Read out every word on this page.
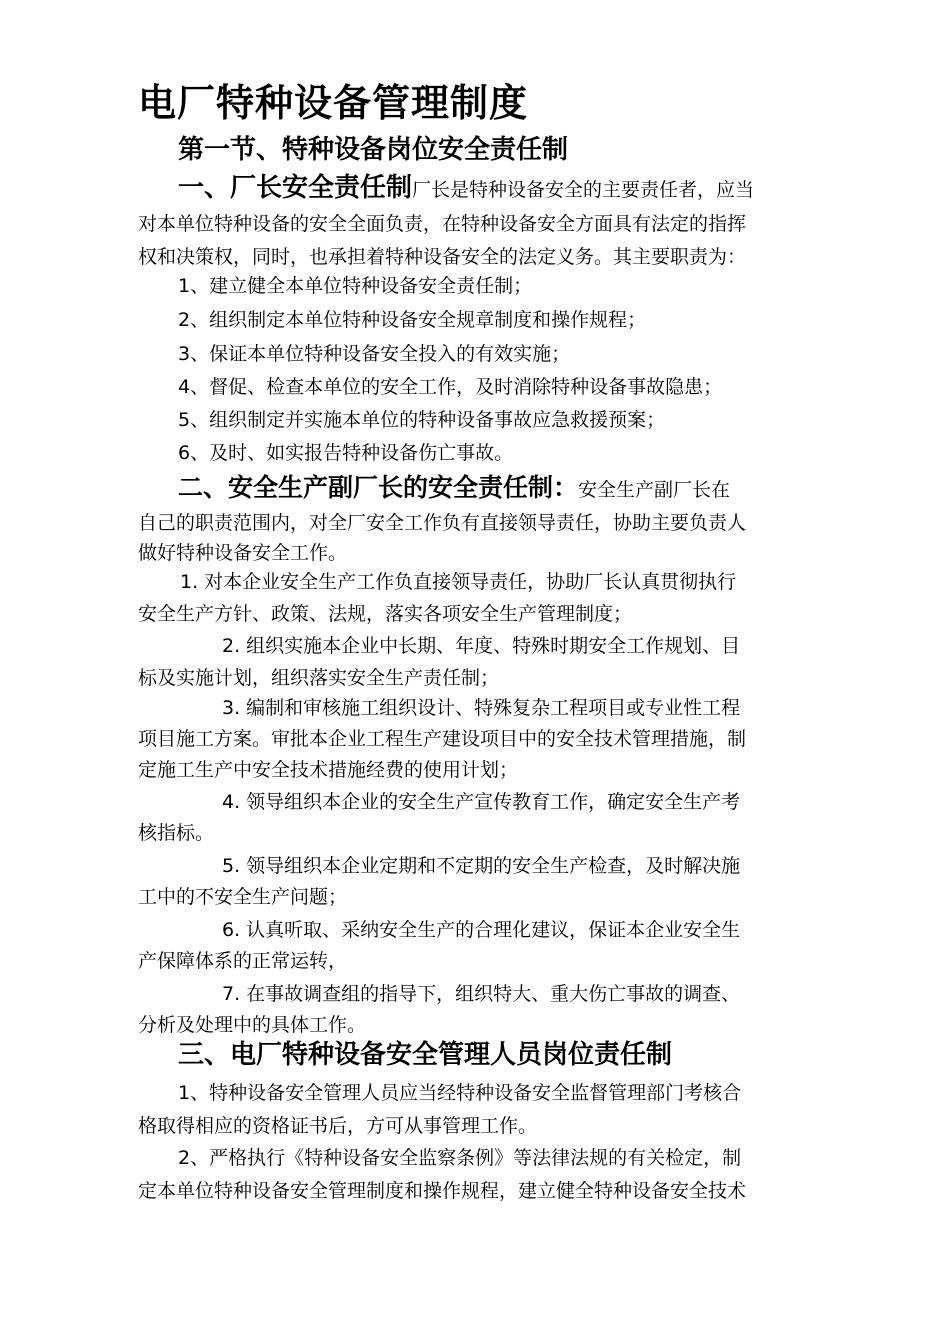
电厂特种设备管理制度
第一节、特种设备岗位安全责任制
一、厂长安全责任制厂长是特种设备安全的主要责任者，应当
对本单位特种设备的安全全面负责，在特种设备安全方面具有法定的指挥
权和决策权，同时，也承担着特种设备安全的法定义务。其主要职责为：
1、建立健全本单位特种设备安全责任制；
2、组织制定本单位特种设备安全规章制度和操作规程；
3、保证本单位特种设备安全投入的有效实施；
4、督促、检查本单位的安全工作，及时消除特种设备事故隐患；
5、组织制定并实施本单位的特种设备事故应急救援预案；
6、及时、如实报告特种设备伤亡事故。
二、安全生产副厂长的安全责任制：安全生产副厂长在
自己的职责范围内，对全厂安全工作负有直接领导责任，协助主要负责人
做好特种设备安全工作。
1. 对本企业安全生产工作负直接领导责任，协助厂长认真贯彻执行
安全生产方针、政策、法规，落实各项安全生产管理制度；
2. 组织实施本企业中长期、年度、特殊时期安全工作规划、目
标及实施计划，组织落实安全生产责任制；
3. 编制和审核施工组织设计、特殊复杂工程项目或专业性工程
项目施工方案。审批本企业工程生产建设项目中的安全技术管理措施，制
定施工生产中安全技术措施经费的使用计划；
4. 领导组织本企业的安全生产宣传教育工作，确定安全生产考
核指标。
5. 领导组织本企业定期和不定期的安全生产检查，及时解决施
工中的不安全生产问题；
6. 认真听取、采纳安全生产的合理化建议，保证本企业安全生
产保障体系的正常运转，
7. 在事故调查组的指导下，组织特大、重大伤亡事故的调查、
分析及处理中的具体工作。
三、电厂特种设备安全管理人员岗位责任制
1、特种设备安全管理人员应当经特种设备安全监督管理部门考核合
格取得相应的资格证书后，方可从事管理工作。
2、严格执行《特种设备安全监察条例》等法律法规的有关检定，制
定本单位特种设备安全管理制度和操作规程，建立健全特种设备安全技术
